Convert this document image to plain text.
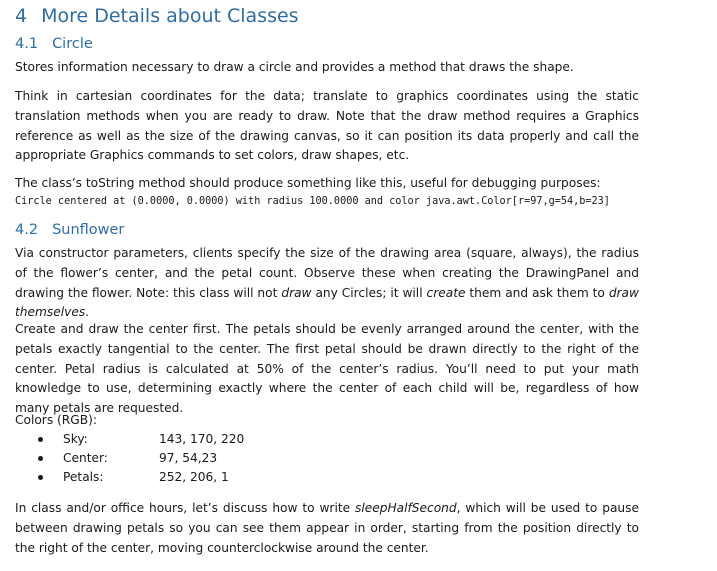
4 More Details about Classes
4.1 Circle

Stores information necessary to draw a circle and provides a method that draws the shape.

Think in cartesian coordinates for the data; translate to graphics coordinates using the static translation methods when you are ready to draw. Note that the draw method requires a Graphics reference as well as the size of the drawing canvas, so it can position its data properly and call the appropriate Graphics commands to set colors, draw shapes, etc.

The class’s toString method should produce something like this, useful for debugging purposes:

Circle centered at (0.0000, 0.0000) with radius 100.0000 and color java.awt.Color[r=97,g=54,b=23]
4.2 Sunflower

Via constructor parameters, clients specify the size of the drawing area (square, always), the radius of the flower’s center, and the petal count. Observe these when creating the DrawingPanel and drawing the flower. Note: this class will not draw any Circles; it will create them and ask them to draw themselves.

Create and draw the center first. The petals should be evenly arranged around the center, with the petals exactly tangential to the center. The first petal should be drawn directly to the right of the center. Petal radius is calculated at 50% of the center’s radius. You’ll need to put your math knowledge to use, determining exactly where the center of each child will be, regardless of how many petals are requested.

Colors (RGB):
Sky:	143, 170, 220
Center:	97, 54,23
Petals:	252, 206, 1

In class and/or office hours, let’s discuss how to write sleepHalfSecond, which will be used to pause between drawing petals so you can see them appear in order, starting from the position directly to the right of the center, moving counterclockwise around the center.
